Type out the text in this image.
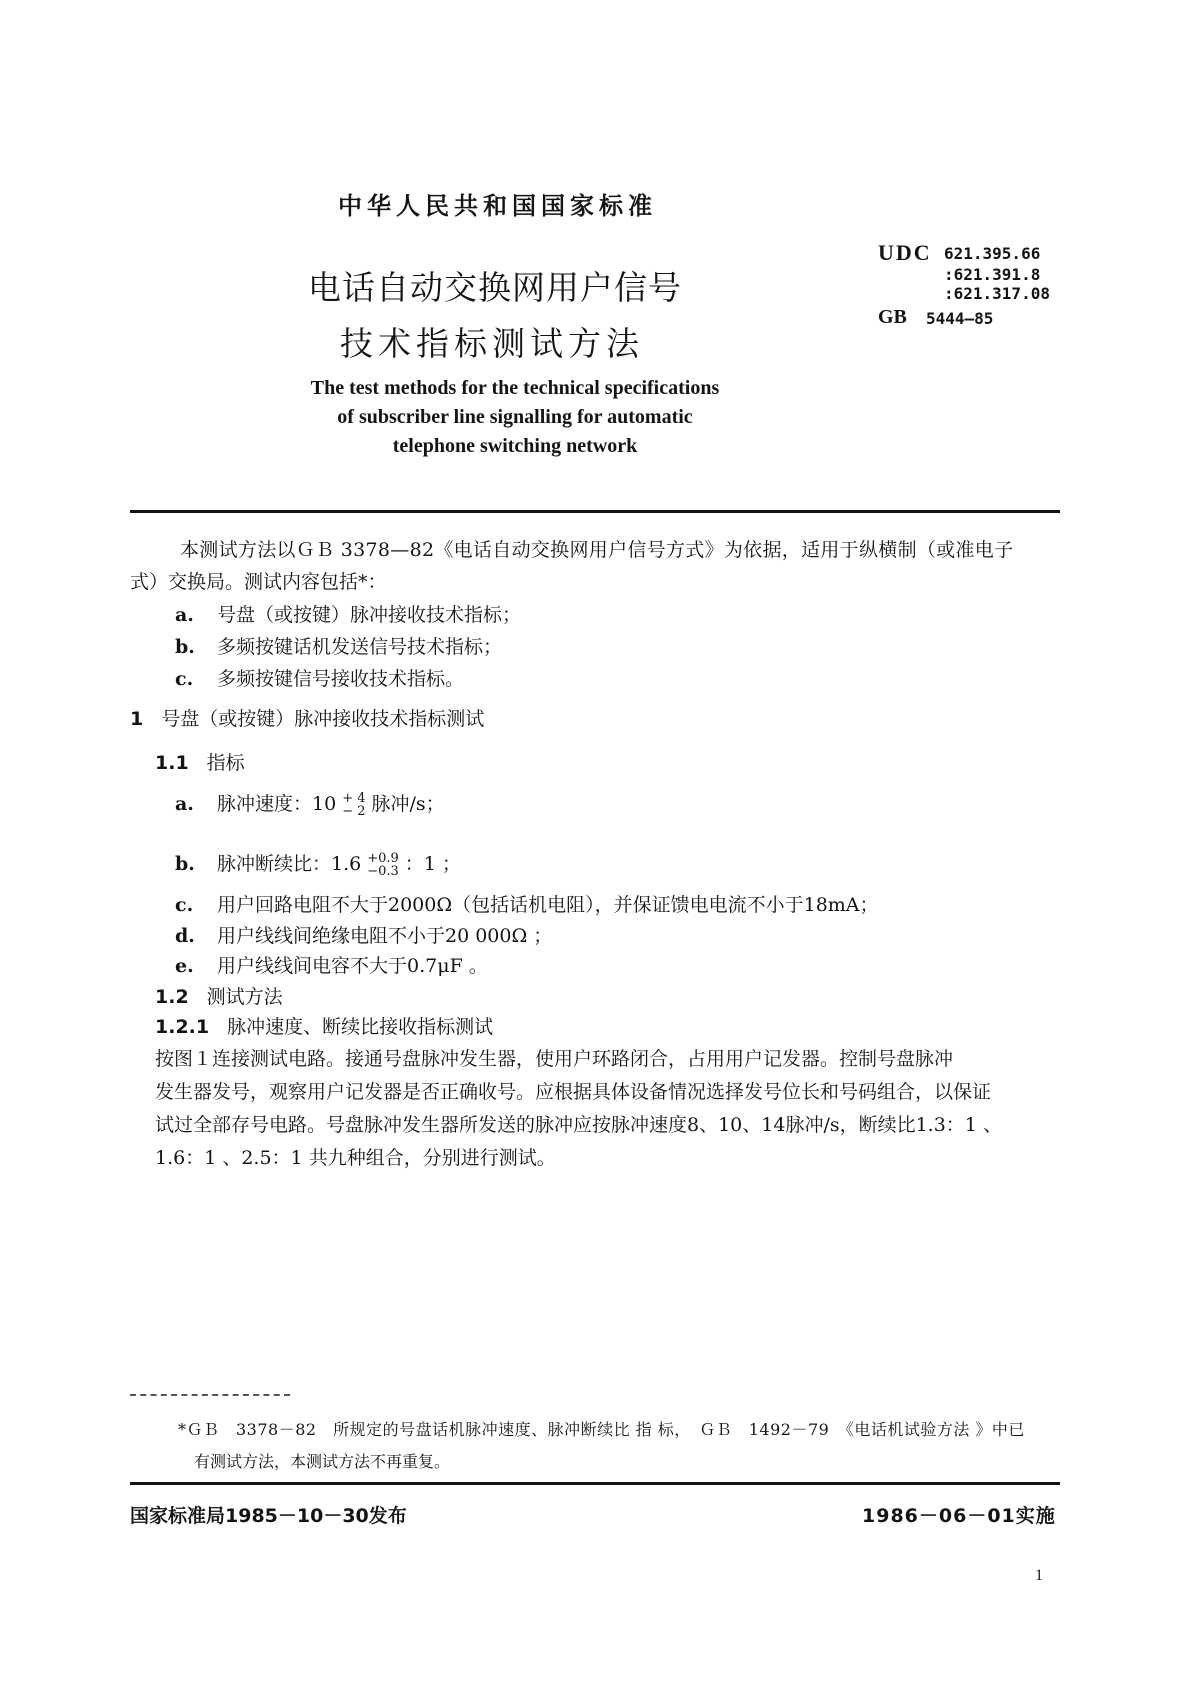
中华人民共和国国家标准
电话自动交换网用户信号
技术指标测试方法
The test methods for the technical specifications
of subscriber line signalling for automatic
telephone switching network
UDC 621.395.66
:621.391.8
:621.317.08
GB 5444—85
本测试方法以ＧＢ 3378—82《电话自动交换网用户信号方式》为依据，适用于纵横制（或准电子
式）交换局。测试内容包括*：
a. 号盘（或按键）脉冲接收技术指标；
b. 多频按键话机发送信号技术指标；
c. 多频按键信号接收技术指标。
1 号盘（或按键）脉冲接收技术指标测试
1.1 指标
a. 脉冲速度：10 + 4
− 2 脉冲/s；
b. 脉冲断续比：1.6 +0.9
−0.3 ：1 ；
c. 用户回路电阻不大于2000Ω（包括话机电阻），并保证馈电电流不小于18mA；
d. 用户线线间绝缘电阻不小于20 000Ω ；
e. 用户线线间电容不大于0.7μF 。
1.2 测试方法
1.2.1 脉冲速度、断续比接收指标测试
按图１连接测试电路。接通号盘脉冲发生器，使用户环路闭合，占用用户记发器。控制号盘脉冲
发生器发号，观察用户记发器是否正确收号。应根据具体设备情况选择发号位长和号码组合，以保证
试过全部存号电路。号盘脉冲发生器所发送的脉冲应按脉冲速度8、10、14脉冲/s，断续比1.3：1 、
1.6：1 、2.5：1 共九种组合，分别进行测试。
*ＧＢ　3378－82　所规定的号盘话机脉冲速度、脉冲断续比 指 标，　ＧＢ　1492－79　《电话机试验方法 》中已
有测试方法，本测试方法不再重复。
国家标准局1985－10－30发布	1986－06－01实施
1
